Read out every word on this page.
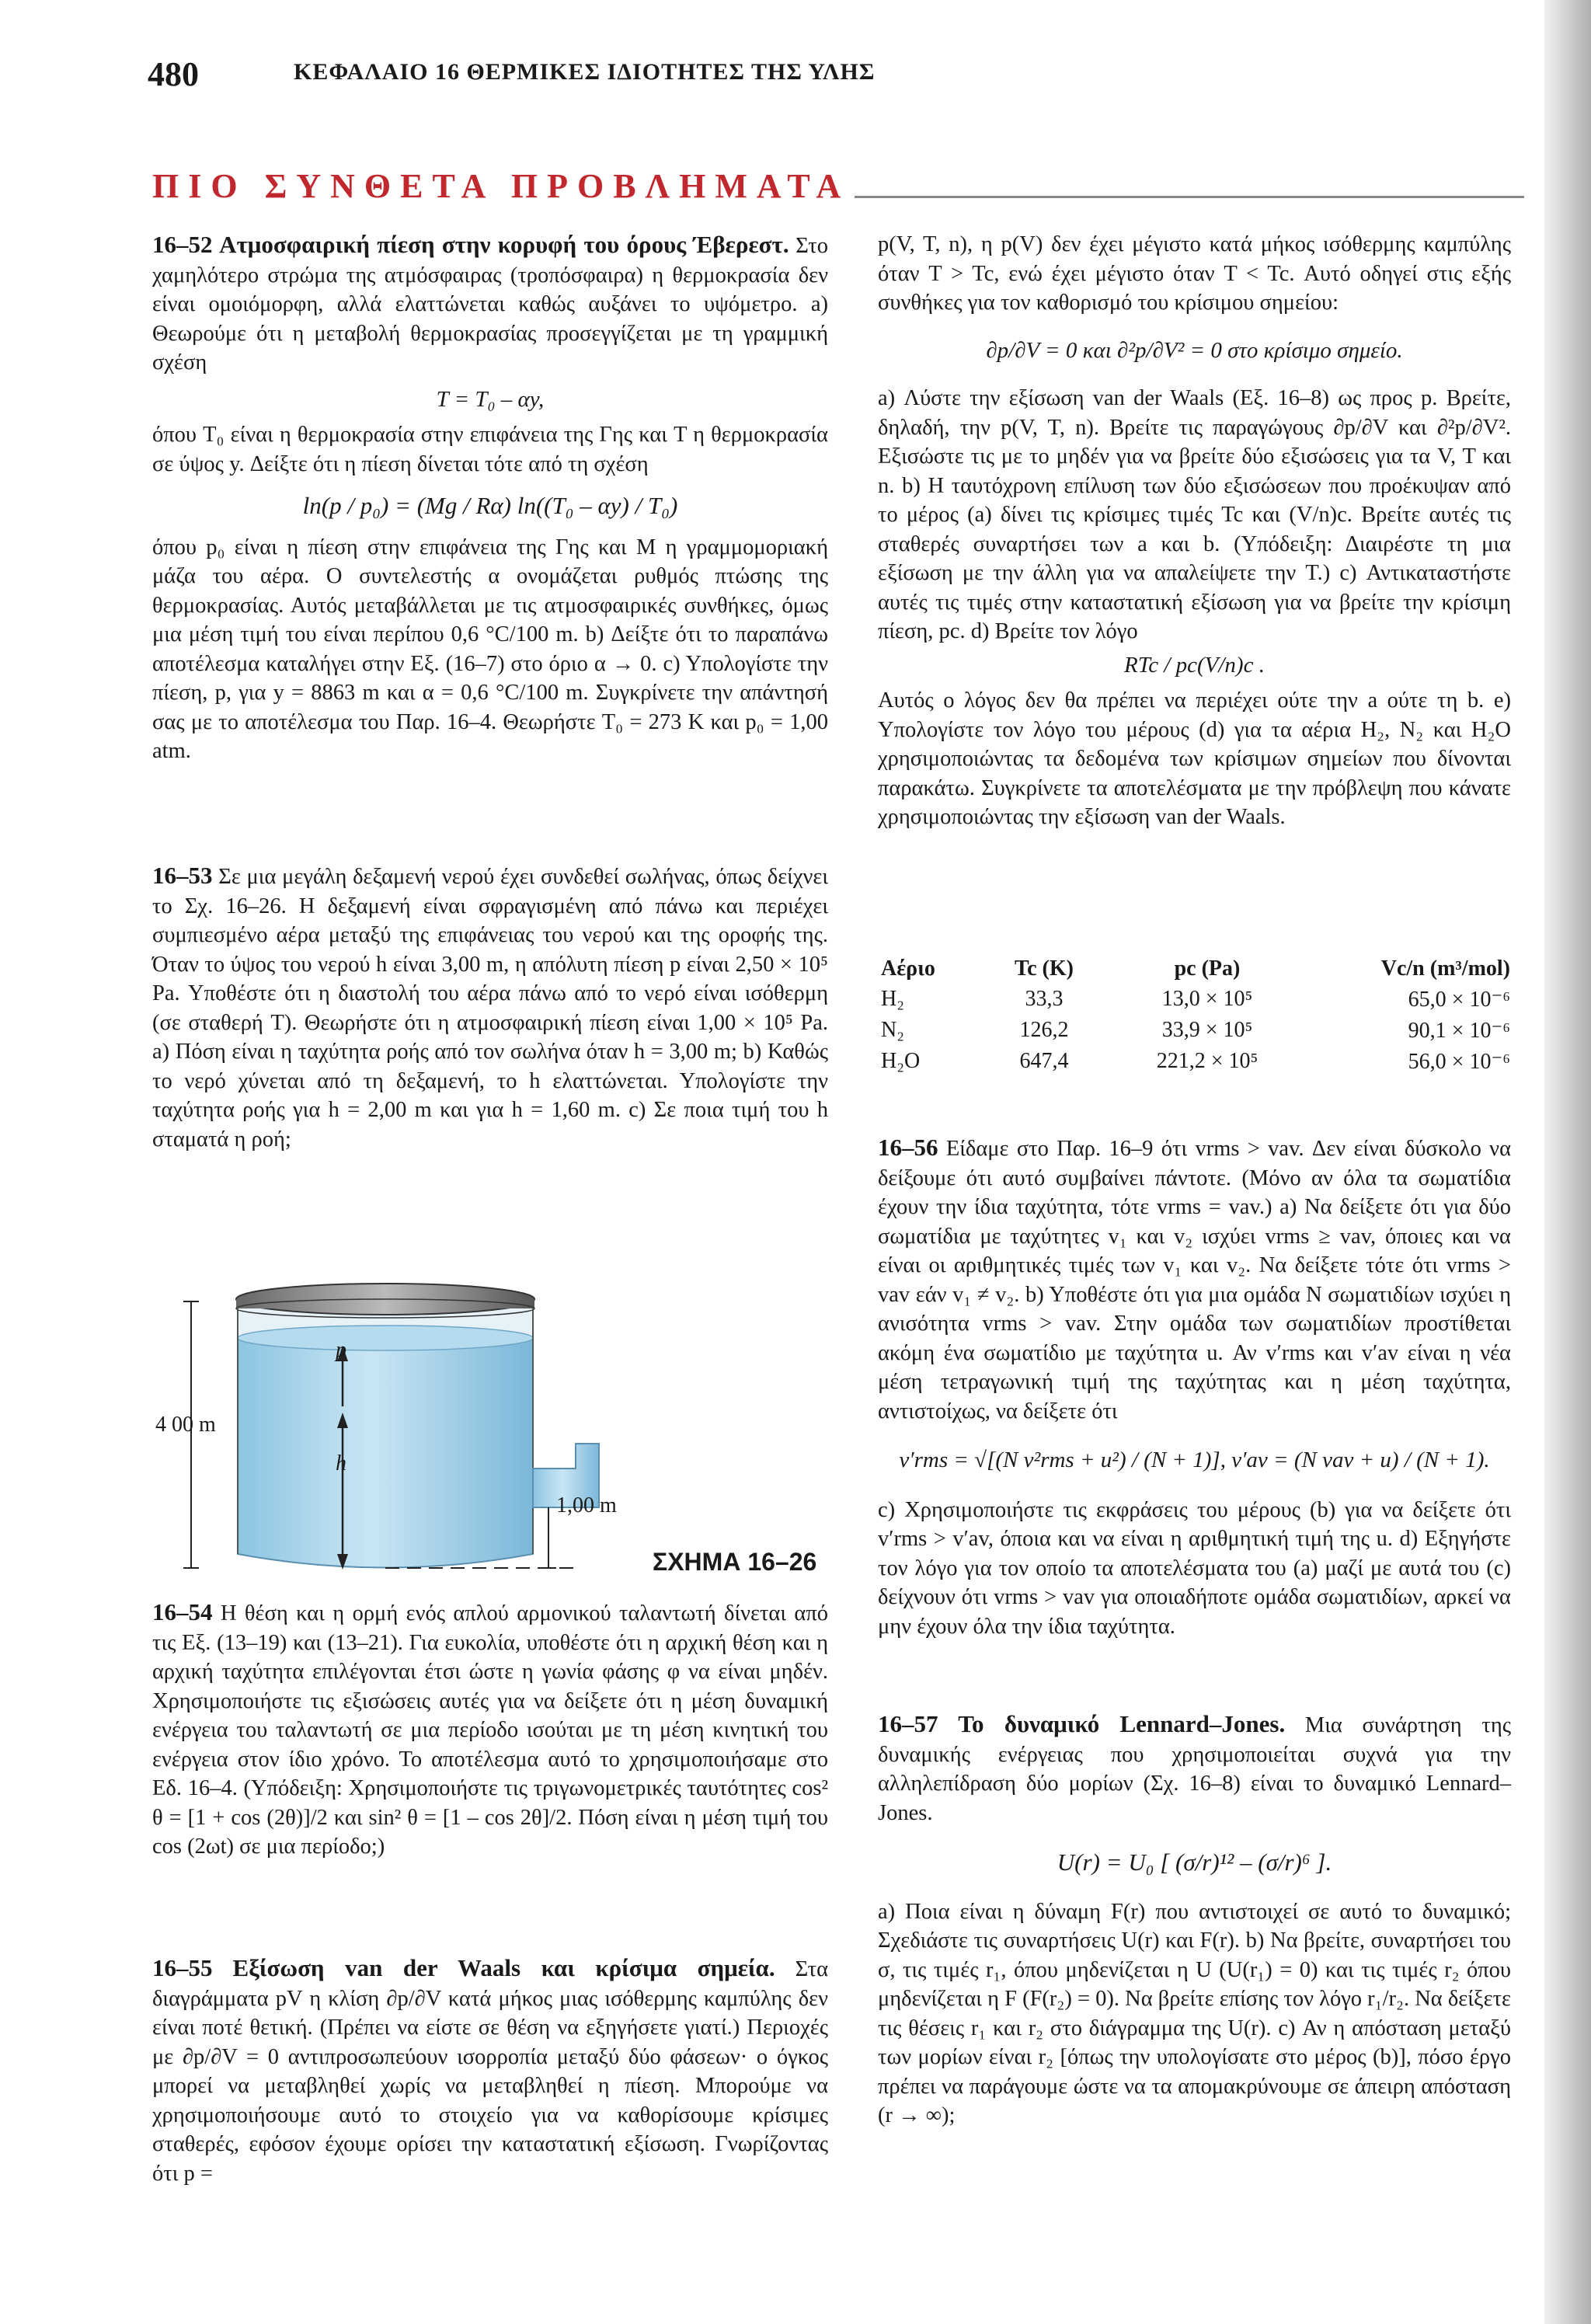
480	ΚΕΦΑΛΑΙΟ 16 ΘΕΡΜΙΚΕΣ ΙΔΙΟΤΗΤΕΣ ΤΗΣ ΥΛΗΣ
ΠΙΟ ΣΥΝΘΕΤΑ ΠΡΟΒΛΗΜΑΤΑ

16–52 Ατμοσφαιρική πίεση στην κορυφή του όρους Έβερεστ. Στο χαμηλότερο στρώμα της ατμόσφαιρας (τροπόσφαιρα) η θερμοκρασία δεν είναι ομοιόμορφη, αλλά ελαττώνεται καθώς αυξάνει το υψόμετρο. a) Θεωρούμε ότι η μεταβολή θερμοκρασίας προσεγγίζεται με τη γραμμική σχέση

T = T₀ – αy,

όπου T₀ είναι η θερμοκρασία στην επιφάνεια της Γης και T η θερμοκρασία σε ύψος y. Δείξτε ότι η πίεση δίνεται τότε από τη σχέση

ln(p / p₀) = (Mg / Rα) ln((T₀ – αy) / T₀)

όπου p₀ είναι η πίεση στην επιφάνεια της Γης και M η γραμμομοριακή μάζα του αέρα. Ο συντελεστής α ονομάζεται ρυθμός πτώσης της θερμοκρασίας. Αυτός μεταβάλλεται με τις ατμοσφαιρικές συνθήκες, όμως μια μέση τιμή του είναι περίπου 0,6 °C/100 m. b) Δείξτε ότι το παραπάνω αποτέλεσμα καταλήγει στην Εξ. (16–7) στο όριο α → 0. c) Υπολογίστε την πίεση, p, για y = 8863 m και α = 0,6 °C/100 m. Συγκρίνετε την απάντησή σας με το αποτέλεσμα του Παρ. 16–4. Θεωρήστε T₀ = 273 K και p₀ = 1,00 atm.

16–53 Σε μια μεγάλη δεξαμενή νερού έχει συνδεθεί σωλήνας, όπως δείχνει το Σχ. 16–26. Η δεξαμενή είναι σφραγισμένη από πάνω και περιέχει συμπιεσμένο αέρα μεταξύ της επιφάνειας του νερού και της οροφής της. Όταν το ύψος του νερού h είναι 3,00 m, η απόλυτη πίεση p είναι 2,50 × 10⁵ Pa. Υποθέστε ότι η διαστολή του αέρα πάνω από το νερό είναι ισόθερμη (σε σταθερή T). Θεωρήστε ότι η ατμοσφαιρική πίεση είναι 1,00 × 10⁵ Pa. a) Πόση είναι η ταχύτητα ροής από τον σωλήνα όταν h = 3,00 m; b) Καθώς το νερό χύνεται από τη δεξαμενή, το h ελαττώνεται. Υπολογίστε την ταχύτητα ροής για h = 2,00 m και για h = 1,60 m. c) Σε ποια τιμή του h σταματά η ροή;

4 00 m
p
h
1,00 m
ΣΧΗΜΑ 16–26

16–54 Η θέση και η ορμή ενός απλού αρμονικού ταλαντωτή δίνεται από τις Εξ. (13–19) και (13–21). Για ευκολία, υποθέστε ότι η αρχική θέση και η αρχική ταχύτητα επιλέγονται έτσι ώστε η γωνία φάσης φ να είναι μηδέν. Χρησιμοποιήστε τις εξισώσεις αυτές για να δείξετε ότι η μέση δυναμική ενέργεια του ταλαντωτή σε μια περίοδο ισούται με τη μέση κινητική του ενέργεια στον ίδιο χρόνο. Το αποτέλεσμα αυτό το χρησιμοποιήσαμε στο Εδ. 16–4. (Υπόδειξη: Χρησιμοποιήστε τις τριγωνομετρικές ταυτότητες cos² θ = [1 + cos (2θ)]/2 και sin² θ = [1 – cos 2θ]/2. Πόση είναι η μέση τιμή του cos (2ωt) σε μια περίοδο;)

16–55 Εξίσωση van der Waals και κρίσιμα σημεία. Στα διαγράμματα pV η κλίση ∂p/∂V κατά μήκος μιας ισόθερμης καμπύλης δεν είναι ποτέ θετική. (Πρέπει να είστε σε θέση να εξηγήσετε γιατί.) Περιοχές με ∂p/∂V = 0 αντιπροσωπεύουν ισορροπία μεταξύ δύο φάσεων· ο όγκος μπορεί να μεταβληθεί χωρίς να μεταβληθεί η πίεση. Μπορούμε να χρησιμοποιήσουμε αυτό το στοιχείο για να καθορίσουμε κρίσιμες σταθερές, εφόσον έχουμε ορίσει την καταστατική εξίσωση. Γνωρίζοντας ότι p =

p(V, T, n), η p(V) δεν έχει μέγιστο κατά μήκος ισόθερμης καμπύλης όταν T > Tc, ενώ έχει μέγιστο όταν T < Tc. Αυτό οδηγεί στις εξής συνθήκες για τον καθορισμό του κρίσιμου σημείου:

∂p/∂V = 0 και ∂²p/∂V² = 0 στο κρίσιμο σημείο.

a) Λύστε την εξίσωση van der Waals (Εξ. 16–8) ως προς p. Βρείτε, δηλαδή, την p(V, T, n). Βρείτε τις παραγώγους ∂p/∂V και ∂²p/∂V². Εξισώστε τις με το μηδέν για να βρείτε δύο εξισώσεις για τα V, T και n. b) Η ταυτόχρονη επίλυση των δύο εξισώσεων που προέκυψαν από το μέρος (a) δίνει τις κρίσιμες τιμές Tc και (V/n)c. Βρείτε αυτές τις σταθερές συναρτήσει των a και b. (Υπόδειξη: Διαιρέστε τη μια εξίσωση με την άλλη για να απαλείψετε την T.) c) Αντικαταστήστε αυτές τις τιμές στην καταστατική εξίσωση για να βρείτε την κρίσιμη πίεση, pc. d) Βρείτε τον λόγο

RTc / pc(V/n)c .

Αυτός ο λόγος δεν θα πρέπει να περιέχει ούτε την a ούτε τη b. e) Υπολογίστε τον λόγο του μέρους (d) για τα αέρια H₂, N₂ και H₂O χρησιμοποιώντας τα δεδομένα των κρίσιμων σημείων που δίνονται παρακάτω. Συγκρίνετε τα αποτελέσματα με την πρόβλεψη που κάνατε χρησιμοποιώντας την εξίσωση van der Waals.

Αέριο	Tc (K)	pc (Pa)	Vc/n (m³/mol)
H₂	33,3	13,0 × 10⁵	65,0 × 10⁻⁶
N₂	126,2	33,9 × 10⁵	90,1 × 10⁻⁶
H₂O	647,4	221,2 × 10⁵	56,0 × 10⁻⁶

16–56 Είδαμε στο Παρ. 16–9 ότι vrms > vav. Δεν είναι δύσκολο να δείξουμε ότι αυτό συμβαίνει πάντοτε. (Μόνο αν όλα τα σωματίδια έχουν την ίδια ταχύτητα, τότε vrms = vav.) a) Να δείξετε ότι για δύο σωματίδια με ταχύτητες v₁ και v₂ ισχύει vrms ≥ vav, όποιες και να είναι οι αριθμητικές τιμές των v₁ και v₂. Να δείξετε τότε ότι vrms > vav εάν v₁ ≠ v₂. b) Υποθέστε ότι για μια ομάδα N σωματιδίων ισχύει η ανισότητα vrms > vav. Στην ομάδα των σωματιδίων προστίθεται ακόμη ένα σωματίδιο με ταχύτητα u. Αν v′rms και v′av είναι η νέα μέση τετραγωνική τιμή της ταχύτητας και η μέση ταχύτητα, αντιστοίχως, να δείξετε ότι

v′rms = √[(N v²rms + u²) / (N + 1)], v′av = (N vav + u) / (N + 1).

c) Χρησιμοποιήστε τις εκφράσεις του μέρους (b) για να δείξετε ότι v′rms > v′av, όποια και να είναι η αριθμητική τιμή της u. d) Εξηγήστε τον λόγο για τον οποίο τα αποτελέσματα του (a) μαζί με αυτά του (c) δείχνουν ότι vrms > vav για οποιαδήποτε ομάδα σωματιδίων, αρκεί να μην έχουν όλα την ίδια ταχύτητα.

16–57 Το δυναμικό Lennard–Jones. Μια συνάρτηση της δυναμικής ενέργειας που χρησιμοποιείται συχνά για την αλληλεπίδραση δύο μορίων (Σχ. 16–8) είναι το δυναμικό Lennard–Jones.

U(r) = U₀ [ (σ/r)¹² – (σ/r)⁶ ].

a) Ποια είναι η δύναμη F(r) που αντιστοιχεί σε αυτό το δυναμικό; Σχεδιάστε τις συναρτήσεις U(r) και F(r). b) Να βρείτε, συναρτήσει του σ, τις τιμές r₁, όπου μηδενίζεται η U (U(r₁) = 0) και τις τιμές r₂ όπου μηδενίζεται η F (F(r₂) = 0). Να βρείτε επίσης τον λόγο r₁/r₂. Να δείξετε τις θέσεις r₁ και r₂ στο διάγραμμα της U(r). c) Αν η απόσταση μεταξύ των μορίων είναι r₂ [όπως την υπολογίσατε στο μέρος (b)], πόσο έργο πρέπει να παράγουμε ώστε να τα απομακρύνουμε σε άπειρη απόσταση (r → ∞);
